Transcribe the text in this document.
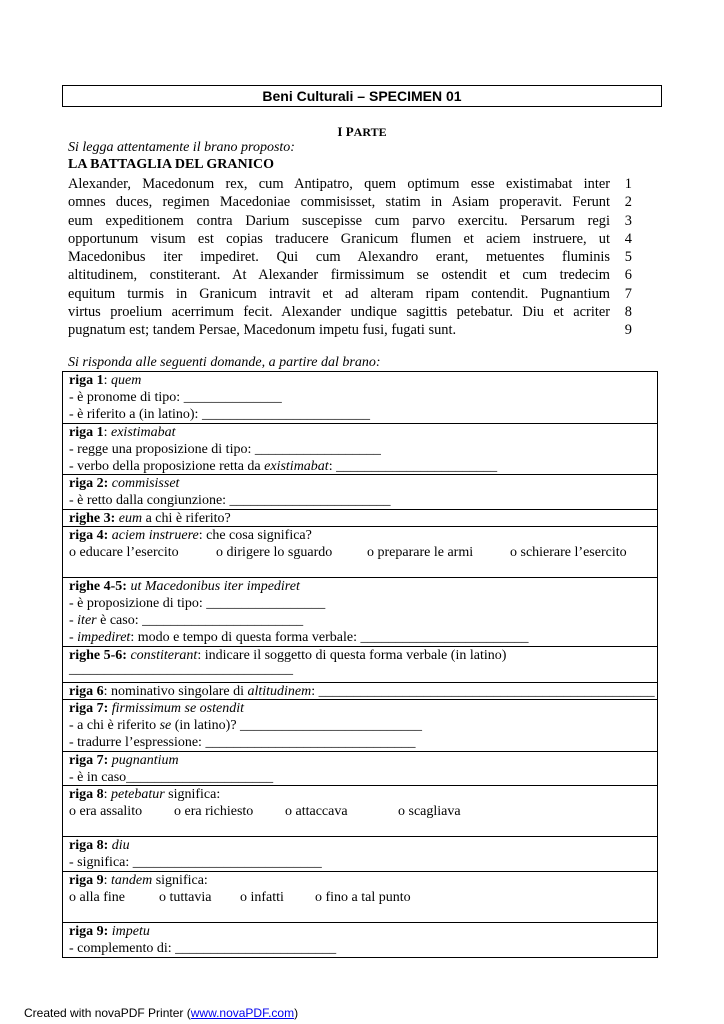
Beni Culturali – SPECIMEN 01
I PARTE
Si legga attentamente il brano proposto:
LA BATTAGLIA DEL GRANICO
Alexander, Macedonum rex, cum Antipatro, quem optimum esse existimabat inter
omnes duces, regimen Macedoniae commisisset, statim in Asiam properavit. Ferunt
eum expeditionem contra Darium suscepisse cum parvo exercitu. Persarum regi
opportunum visum est copias traducere Granicum flumen et aciem instruere, ut
Macedonibus iter impediret. Qui cum Alexandro erant, metuentes fluminis
altitudinem, constiterant. At Alexander firmissimum se ostendit et cum tredecim
equitum turmis in Granicum intravit et ad alteram ripam contendit. Pugnantium
virtus proelium acerrimum fecit. Alexander undique sagittis petebatur. Diu et acriter
pugnatum est; tandem Persae, Macedonum impetu fusi, fugati sunt.
1
2
3
4
5
6
7
8
9
Si risponda alle seguenti domande, a partire dal brano:
riga 1: quem
- è pronome di tipo: ______________
- è riferito a (in latino): ________________________
riga 1: existimabat
- regge una proposizione di tipo: __________________
- verbo della proposizione retta da existimabat: _______________________
riga 2: commisisset
- è retto dalla congiunzione: _______________________
righe 3: eum a chi è riferito?
riga 4: aciem instruere: che cosa significa?
o educare l’esercito	o dirigere lo sguardo	o preparare le armi	o schierare l’esercito
righe 4-5: ut Macedonibus iter impediret
- è proposizione di tipo: _________________
- iter è caso: _______________________
- impediret: modo e tempo di questa forma verbale: ________________________
righe 5-6: constiterant: indicare il soggetto di questa forma verbale (in latino)
________________________________
riga 6: nominativo singolare di altitudinem: ________________________________________________
riga 7: firmissimum se ostendit
- a chi è riferito se (in latino)? __________________________
- tradurre l’espressione: ______________________________
riga 7: pugnantium
- è in caso_____________________
riga 8: petebatur significa:
o era assalito	o era richiesto	o attaccava	o scagliava
riga 8: diu
- significa: ___________________________
riga 9: tandem significa:
o alla fine	o tuttavia	o infatti	o fino a tal punto
riga 9: impetu
- complemento di: _______________________
Created with novaPDF Printer (www.novaPDF.com)
